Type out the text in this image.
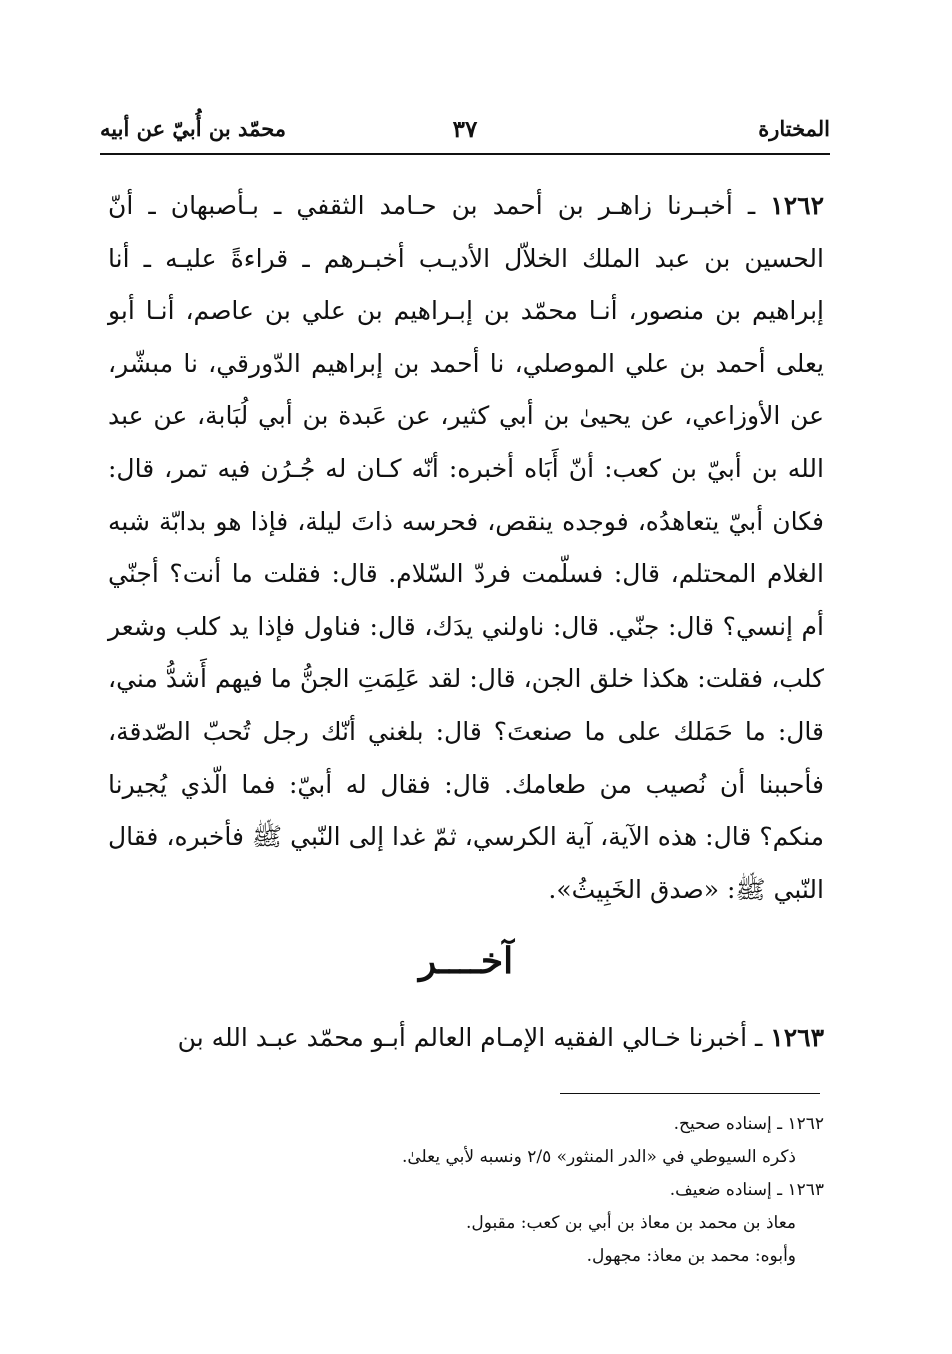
المختارة
٣٧
محمّد بن أُبيّ عن أبيه

١٢٦٢ ـ أخبـرنا زاهـر بن أحمد بن حـامد الثقفي ـ بـأصبهان ـ أنّ الحسين بن عبد الملك الخلاّل الأديـب أخبـرهم ـ قراءةً عليـه ـ أنا إبراهيم بن منصور، أنـا محمّد بن إبـراهيم بن علي بن عاصم، أنـا أبو يعلى أحمد بن علي الموصلي، نا أحمد بن إبراهيم الدّورقي، نا مبشّر، عن الأوزاعي، عن يحيىٰ بن أبي كثير، عن عَبدة بن أبي لُبَابة، عن عبد الله بن أبيّ بن كعب: أنّ أَبَاه أخبره: أنّه كـان له جُـرُن فيه تمر، قال: فكان أبيّ يتعاهدُه، فوجده ينقص، فحرسه ذاتَ ليلة، فإذا هو بدابّة شبه الغلام المحتلم، قال: فسلّمت فردّ السّلام. قال: فقلت ما أنت؟ أجنّي أم إنسي؟ قال: جنّي. قال: ناولني يدَك، قال: فناول فإذا يد كلب وشعر كلب، فقلت: هكذا خلق الجن، قال: لقد عَلِمَتِ الجنُّ ما فيهم أَشدُّ مني، قال: ما حَمَلك على ما صنعتَ؟ قال: بلغني أنّك رجل تُحبّ الصّدقة، فأحببنا أن نُصيب من طعامك. قال: فقال له أبيّ: فما الّذي يُجيرنا منكم؟ قال: هذه الآية، آية الكرسي، ثمّ غدا إلى النّبي ﷺ فأخبره، فقال النّبي ﷺ: «صدق الخَبِيثُ».

آخــــر

١٢٦٣ ـ أخبرنا خـالي الفقيه الإمـام العالم أبـو محمّد عبـد الله بن

١٢٦٢ ـ إسناده صحيح.

ذكره السيوطي في «الدر المنثور» ٢/٥ ونسبه لأبي يعلىٰ.

١٢٦٣ ـ إسناده ضعيف.

معاذ بن محمد بن معاذ بن أبي بن كعب: مقبول.

وأبوه: محمد بن معاذ: مجهول.
